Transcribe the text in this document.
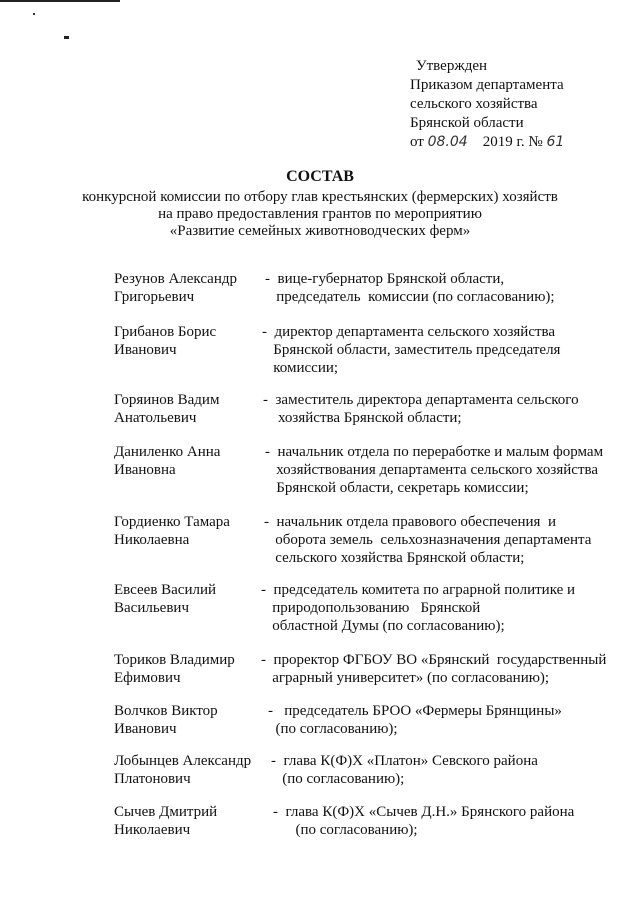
Утвержден
Приказом департамента
сельского хозяйства
Брянской области
от 08.04 2019 г. № 61
СОСТАВ
конкурсной комиссии по отбору глав крестьянских (фермерских) хозяйств
на право предоставления грантов по мероприятию
«Развитие семейных животноводческих ферм»
Резунов Александр
Григорьевич
-  вице-губернатор Брянской области,
председатель  комиссии (по согласованию);
Грибанов Борис
Иванович
-  директор департамента сельского хозяйства
Брянской области, заместитель председателя
комиссии;
Горяинов Вадим
Анатольевич
-  заместитель директора департамента сельского
хозяйства Брянской области;
Даниленко Анна
Ивановна
-  начальник отдела по переработке и малым формам
хозяйствования департамента сельского хозяйства
Брянской области, секретарь комиссии;
Гордиенко Тамара
Николаевна
-  начальник отдела правового обеспечения  и
оборота земель  сельхозназначения департамента
сельского хозяйства Брянской области;
Евсеев Василий
Васильевич
-  председатель комитета по аграрной политике и
природопользованию   Брянской
областной Думы (по согласованию);
Ториков Владимир
Ефимович
-  проректор ФГБОУ ВО «Брянский  государственный
аграрный университет» (по согласованию);
Волчков Виктор
Иванович
-   председатель БРОО «Фермеры Брянщины»
(по согласованию);
Лобынцев Александр
Платонович
-  глава К(Ф)Х «Платон» Севского района
(по согласованию);
Сычев Дмитрий
Николаевич
-  глава К(Ф)Х «Сычев Д.Н.» Брянского района
(по согласованию);
